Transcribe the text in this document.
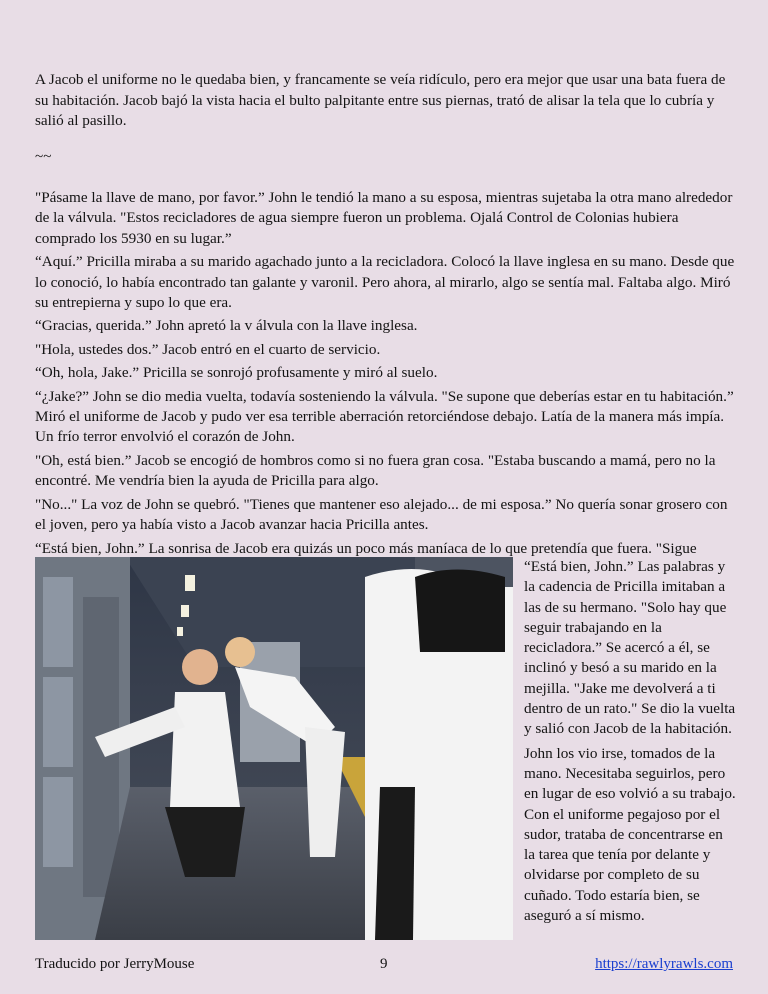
A Jacob el uniforme no le quedaba bien, y francamente se veía ridículo, pero era mejor que usar una bata fuera de su habitación. Jacob bajó la vista hacia el bulto palpitante entre sus piernas, trató de alisar la tela que lo cubría y salió al pasillo.

~~

"Pásame la llave de mano, por favor.” John le tendió la mano a su esposa, mientras sujetaba la otra mano alrededor de la válvula. "Estos recicladores de agua siempre fueron un problema. Ojalá Control de Colonias hubiera comprado los 5930 en su lugar.”

“Aquí.” Pricilla miraba a su marido agachado junto a la recicladora. Colocó la llave inglesa en su mano. Desde que lo conoció, lo había encontrado tan galante y varonil. Pero ahora, al mirarlo, algo se sentía mal. Faltaba algo. Miró su entrepierna y supo lo que era.

“Gracias, querida.” John apretó la v álvula con la llave inglesa.

"Hola, ustedes dos.” Jacob entró en el cuarto de servicio.

“Oh, hola, Jake.” Pricilla se sonrojó profusamente y miró al suelo.

“¿Jake?” John se dio media vuelta, todavía sosteniendo la válvula. "Se supone que deberías estar en tu habitación.” Miró el uniforme de Jacob y pudo ver esa terrible aberración retorciéndose debajo. Latía de la manera más impía. Un frío terror envolvió el corazón de John.

"Oh, está bien.” Jacob se encogió de hombros como si no fuera gran cosa. "Estaba buscando a mamá, pero no la encontré. Me vendría bien la ayuda de Pricilla para algo.

"No..." La voz de John se quebró. "Tienes que mantener eso alejado... de mi esposa.” No quería sonar grosero con el joven, pero ya había visto a Jacob avanzar hacia Pricilla antes.

“Está bien, John.” La sonrisa de Jacob era quizás un poco más maníaca de lo que pretendía que fuera. "Sigue

“Está bien, John.” Las palabras y la cadencia de Pricilla imitaban a las de su hermano. "Solo hay que seguir trabajando en la recicladora.” Se acercó a él, se inclinó y besó a su marido en la mejilla. "Jake me devolverá a ti dentro de un rato." Se dio la vuelta y salió con Jacob de la habitación.

John los vio irse, tomados de la mano. Necesitaba seguirlos, pero en lugar de eso volvió a su trabajo. Con el uniforme pegajoso por el sudor, trataba de concentrarse en la tarea que tenía por delante y olvidarse por completo de su cuñado. Todo estaría bien, se aseguró a sí mismo.

Traducido por JerryMouse	9	https://rawlyrawls.com
